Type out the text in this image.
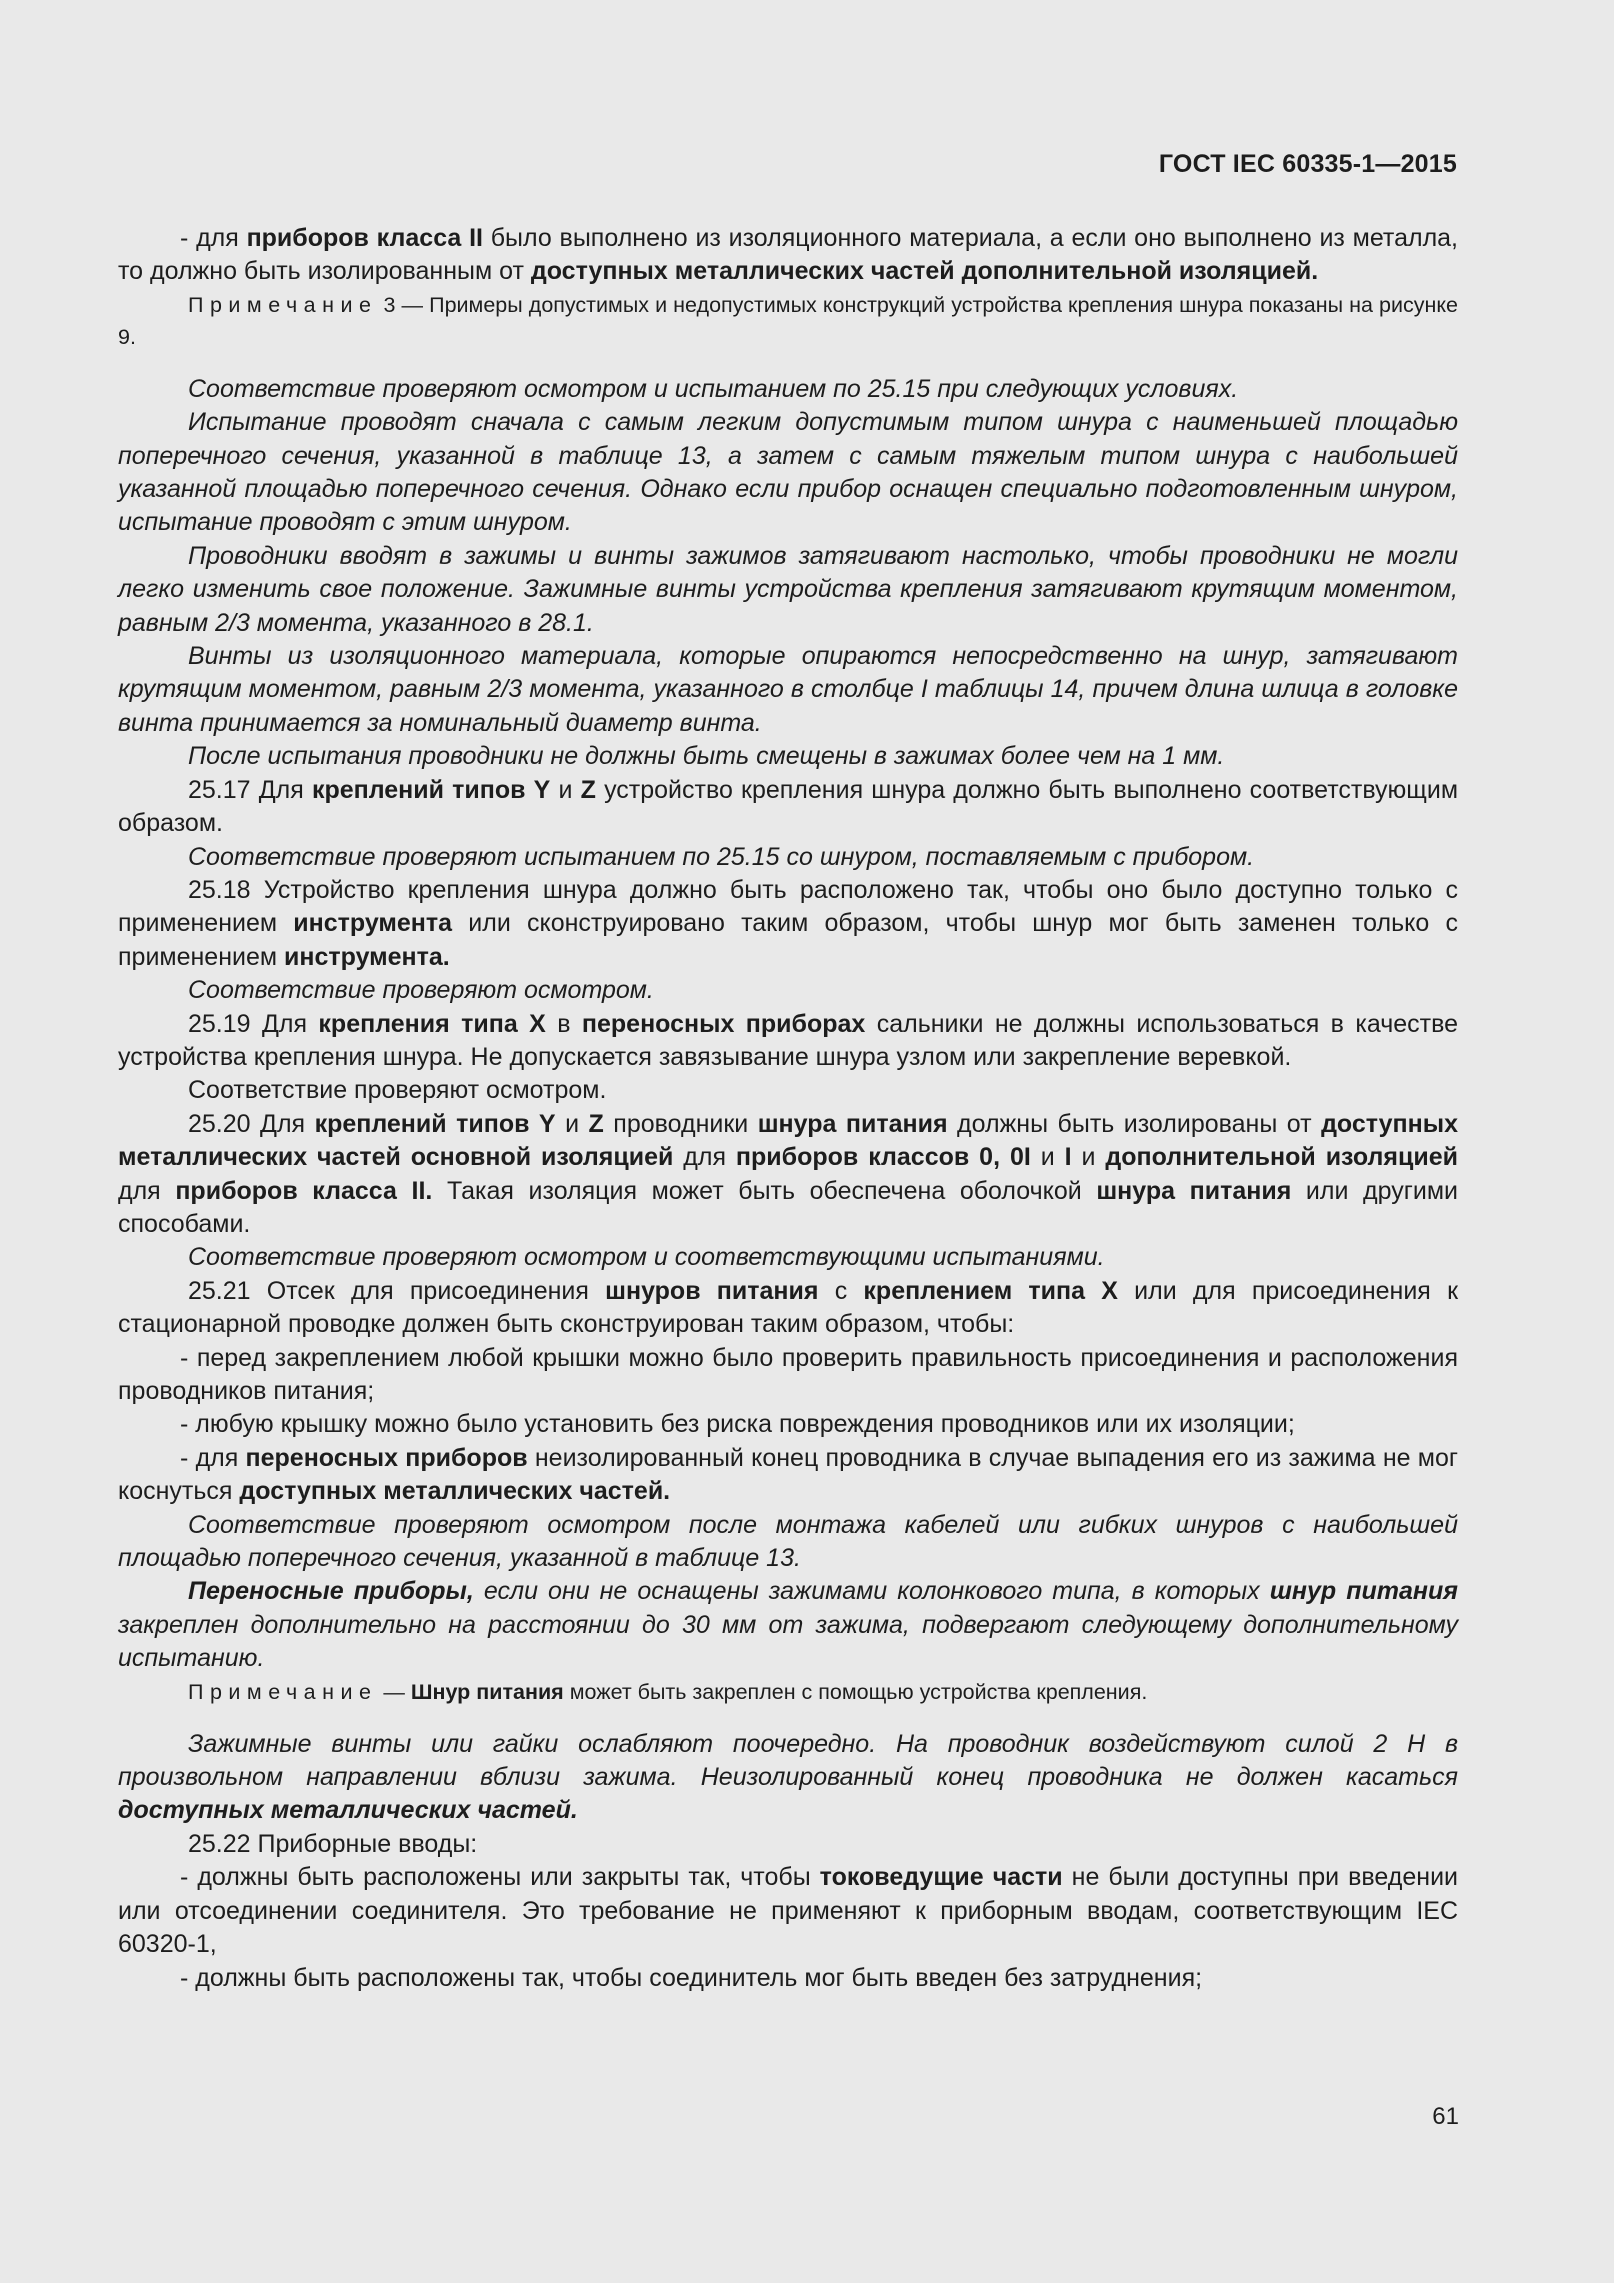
ГОСТ IEC 60335-1—2015

- для приборов класса II было выполнено из изоляционного материала, а если оно выполнено из металла, то должно быть изолированным от доступных металлических частей дополнительной изоляцией.

Примечание 3 — Примеры допустимых и недопустимых конструкций устройства крепления шнура показаны на рисунке 9.

Соответствие проверяют осмотром и испытанием по 25.15 при следующих условиях.

Испытание проводят сначала с самым легким допустимым типом шнура с наименьшей площадью поперечного сечения, указанной в таблице 13, а затем с самым тяжелым типом шнура с наибольшей указанной площадью поперечного сечения. Однако если прибор оснащен специально подготовленным шнуром, испытание проводят с этим шнуром.

Проводники вводят в зажимы и винты зажимов затягивают настолько, чтобы проводники не могли легко изменить свое положение. Зажимные винты устройства крепления затягивают крутящим моментом, равным 2/3 момента, указанного в 28.1.

Винты из изоляционного материала, которые опираются непосредственно на шнур, затягивают крутящим моментом, равным 2/3 момента, указанного в столбце I таблицы 14, причем длина шлица в головке винта принимается за номинальный диаметр винта.

После испытания проводники не должны быть смещены в зажимах более чем на 1 мм.

25.17 Для креплений типов Y и Z устройство крепления шнура должно быть выполнено соответствующим образом.

Соответствие проверяют испытанием по 25.15 со шнуром, поставляемым с прибором.

25.18 Устройство крепления шнура должно быть расположено так, чтобы оно было доступно только с применением инструмента или сконструировано таким образом, чтобы шнур мог быть заменен только с применением инструмента.

Соответствие проверяют осмотром.

25.19 Для крепления типа X в переносных приборах сальники не должны использоваться в качестве устройства крепления шнура. Не допускается завязывание шнура узлом или закрепление веревкой.

Соответствие проверяют осмотром.

25.20 Для креплений типов Y и Z проводники шнура питания должны быть изолированы от доступных металлических частей основной изоляцией для приборов классов 0, 0I и I и дополнительной изоляцией для приборов класса II. Такая изоляция может быть обеспечена оболочкой шнура питания или другими способами.

Соответствие проверяют осмотром и соответствующими испытаниями.

25.21 Отсек для присоединения шнуров питания с креплением типа X или для присоединения к стационарной проводке должен быть сконструирован таким образом, чтобы:

- перед закреплением любой крышки можно было проверить правильность присоединения и расположения проводников питания;

- любую крышку можно было установить без риска повреждения проводников или их изоляции;

- для переносных приборов неизолированный конец проводника в случае выпадения его из зажима не мог коснуться доступных металлических частей.

Соответствие проверяют осмотром после монтажа кабелей или гибких шнуров с наибольшей площадью поперечного сечения, указанной в таблице 13.

Переносные приборы, если они не оснащены зажимами колонкового типа, в которых шнур питания закреплен дополнительно на расстоянии до 30 мм от зажима, подвергают следующему дополнительному испытанию.

Примечание — Шнур питания может быть закреплен с помощью устройства крепления.

Зажимные винты или гайки ослабляют поочередно. На проводник воздействуют силой 2 Н в произвольном направлении вблизи зажима. Неизолированный конец проводника не должен касаться доступных металлических частей.

25.22 Приборные вводы:

- должны быть расположены или закрыты так, чтобы токоведущие части не были доступны при введении или отсоединении соединителя. Это требование не применяют к приборным вводам, соответствующим IEC 60320-1,

- должны быть расположены так, чтобы соединитель мог быть введен без затруднения;

61
